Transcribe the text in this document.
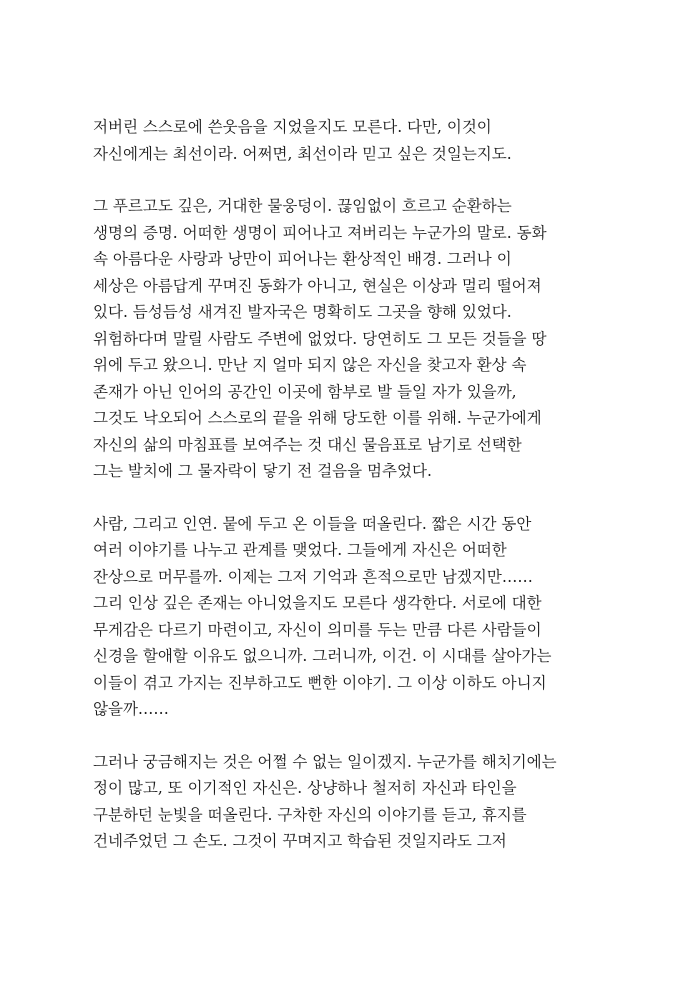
저버린 스스로에 쓴웃음을 지었을지도 모른다. 다만, 이것이
자신에게는 최선이라. 어쩌면, 최선이라 믿고 싶은 것일는지도.

그 푸르고도 깊은, 거대한 물웅덩이. 끊임없이 흐르고 순환하는
생명의 증명. 어떠한 생명이 피어나고 져버리는 누군가의 말로. 동화
속 아름다운 사랑과 낭만이 피어나는 환상적인 배경. 그러나 이
세상은 아름답게 꾸며진 동화가 아니고, 현실은 이상과 멀리 떨어져
있다. 듬성듬성 새겨진 발자국은 명확히도 그곳을 향해 있었다.
위험하다며 말릴 사람도 주변에 없었다. 당연히도 그 모든 것들을 땅
위에 두고 왔으니. 만난 지 얼마 되지 않은 자신을 찾고자 환상 속
존재가 아닌 인어의 공간인 이곳에 함부로 발 들일 자가 있을까,
그것도 낙오되어 스스로의 끝을 위해 당도한 이를 위해. 누군가에게
자신의 삶의 마침표를 보여주는 것 대신 물음표로 남기로 선택한
그는 발치에 그 물자락이 닿기 전 걸음을 멈추었다.

사람, 그리고 인연. 뭍에 두고 온 이들을 떠올린다. 짧은 시간 동안
여러 이야기를 나누고 관계를 맺었다. 그들에게 자신은 어떠한
잔상으로 머무를까. 이제는 그저 기억과 흔적으로만 남겠지만……
그리 인상 깊은 존재는 아니었을지도 모른다 생각한다. 서로에 대한
무게감은 다르기 마련이고, 자신이 의미를 두는 만큼 다른 사람들이
신경을 할애할 이유도 없으니까. 그러니까, 이건. 이 시대를 살아가는
이들이 겪고 가지는 진부하고도 뻔한 이야기. 그 이상 이하도 아니지
않을까……

그러나 궁금해지는 것은 어쩔 수 없는 일이겠지. 누군가를 해치기에는
정이 많고, 또 이기적인 자신은. 상냥하나 철저히 자신과 타인을
구분하던 눈빛을 떠올린다. 구차한 자신의 이야기를 듣고, 휴지를
건네주었던 그 손도. 그것이 꾸며지고 학습된 것일지라도 그저
